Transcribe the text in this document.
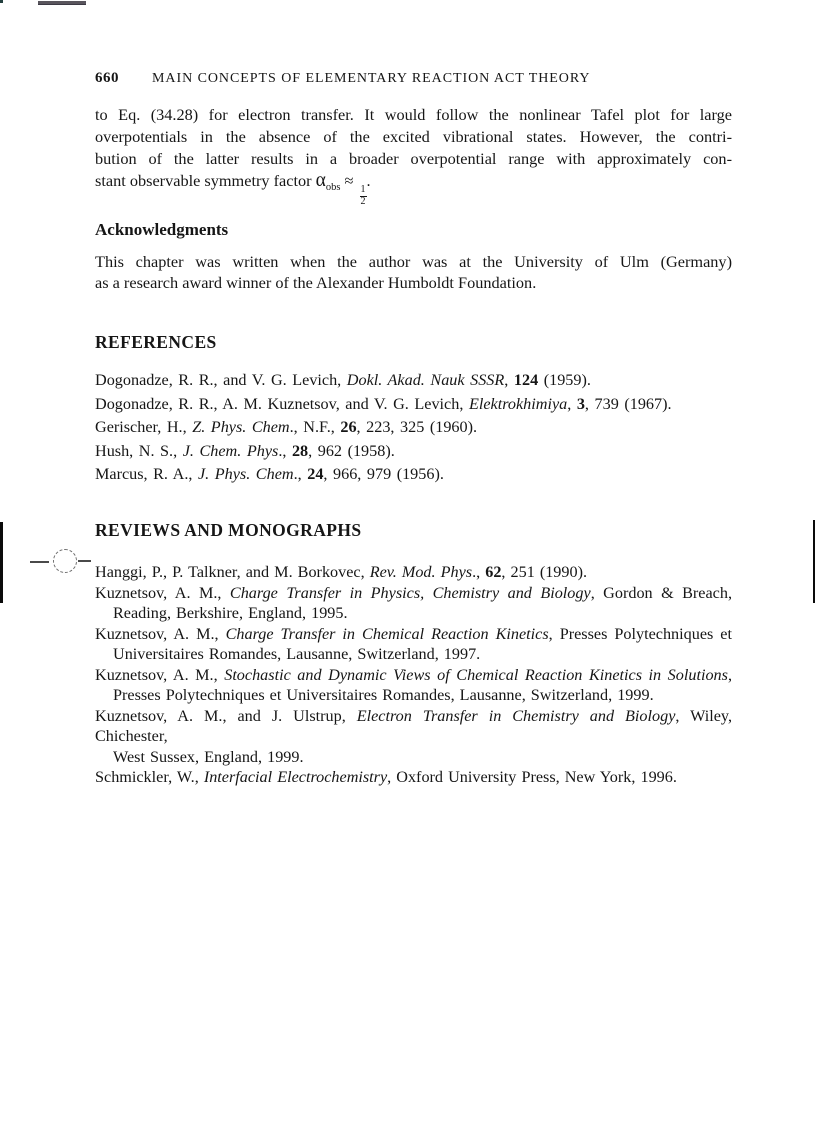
660 MAIN CONCEPTS OF ELEMENTARY REACTION ACT THEORY
to Eq. (34.28) for electron transfer. It would follow the nonlinear Tafel plot for large
overpotentials in the absence of the excited vibrational states. However, the contri-
bution of the latter results in a broader overpotential range with approximately con-
stant observable symmetry factor $\alpha_{obs}$ ≈
$\frac{1}{2}$
.
Acknowledgments
This chapter was written when the author was at the University of Ulm (Germany)
as a research award winner of the Alexander Humboldt Foundation.
REFERENCES
Dogonadze, R. R., and V. G. Levich, Dokl. Akad. Nauk SSSR, 124 (1959).
Dogonadze, R. R., A. M. Kuznetsov, and V. G. Levich, Elektrokhimiya, 3, 739 (1967).
Gerischer, H., Z. Phys. Chem., N.F., 26, 223, 325 (1960).
Hush, N. S., J. Chem. Phys., 28, 962 (1958).
Marcus, R. A., J. Phys. Chem., 24, 966, 979 (1956).
REVIEWS AND MONOGRAPHS
Hanggi, P., P. Talkner, and M. Borkovec, Rev. Mod. Phys., 62, 251 (1990).
Kuznetsov, A. M., Charge Transfer in Physics, Chemistry and Biology, Gordon & Breach,
Reading, Berkshire, England, 1995.
Kuznetsov, A. M., Charge Transfer in Chemical Reaction Kinetics, Presses Polytechniques et
Universitaires Romandes, Lausanne, Switzerland, 1997.
Kuznetsov, A. M., Stochastic and Dynamic Views of Chemical Reaction Kinetics in Solutions,
Presses Polytechniques et Universitaires Romandes, Lausanne, Switzerland, 1999.
Kuznetsov, A. M., and J. Ulstrup, Electron Transfer in Chemistry and Biology, Wiley, Chichester,
West Sussex, England, 1999.
Schmickler, W., Interfacial Electrochemistry, Oxford University Press, New York, 1996.
